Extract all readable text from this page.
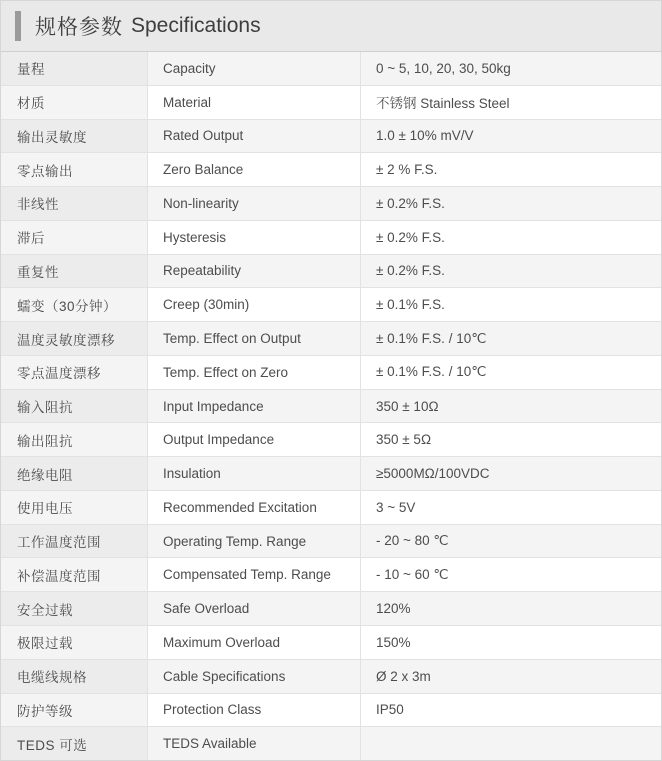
规格参数 Specifications
量程	Capacity	0 ~ 5, 10, 20, 30, 50kg
材质	Material	不锈钢 Stainless Steel
输出灵敏度	Rated Output	1.0 ± 10% mV/V
零点输出	Zero Balance	± 2 % F.S.
非线性	Non-linearity	± 0.2% F.S.
滞后	Hysteresis	± 0.2% F.S.
重复性	Repeatability	± 0.2% F.S.
蠕变（30分钟）	Creep (30min)	± 0.1% F.S.
温度灵敏度漂移	Temp. Effect on Output	± 0.1% F.S. / 10℃
零点温度漂移	Temp. Effect on Zero	± 0.1% F.S. / 10℃
输入阻抗	Input Impedance	350 ± 10Ω
输出阻抗	Output Impedance	350 ± 5Ω
绝缘电阻	Insulation	≥5000MΩ/100VDC
使用电压	Recommended Excitation	3 ~ 5V
工作温度范围	Operating Temp. Range	- 20 ~ 80 ℃
补偿温度范围	Compensated Temp. Range	- 10 ~ 60 ℃
安全过载	Safe Overload	120%
极限过载	Maximum Overload	150%
电缆线规格	Cable Specifications	Ø 2 x 3m
防护等级	Protection Class	IP50
TEDS 可选	TEDS Available
